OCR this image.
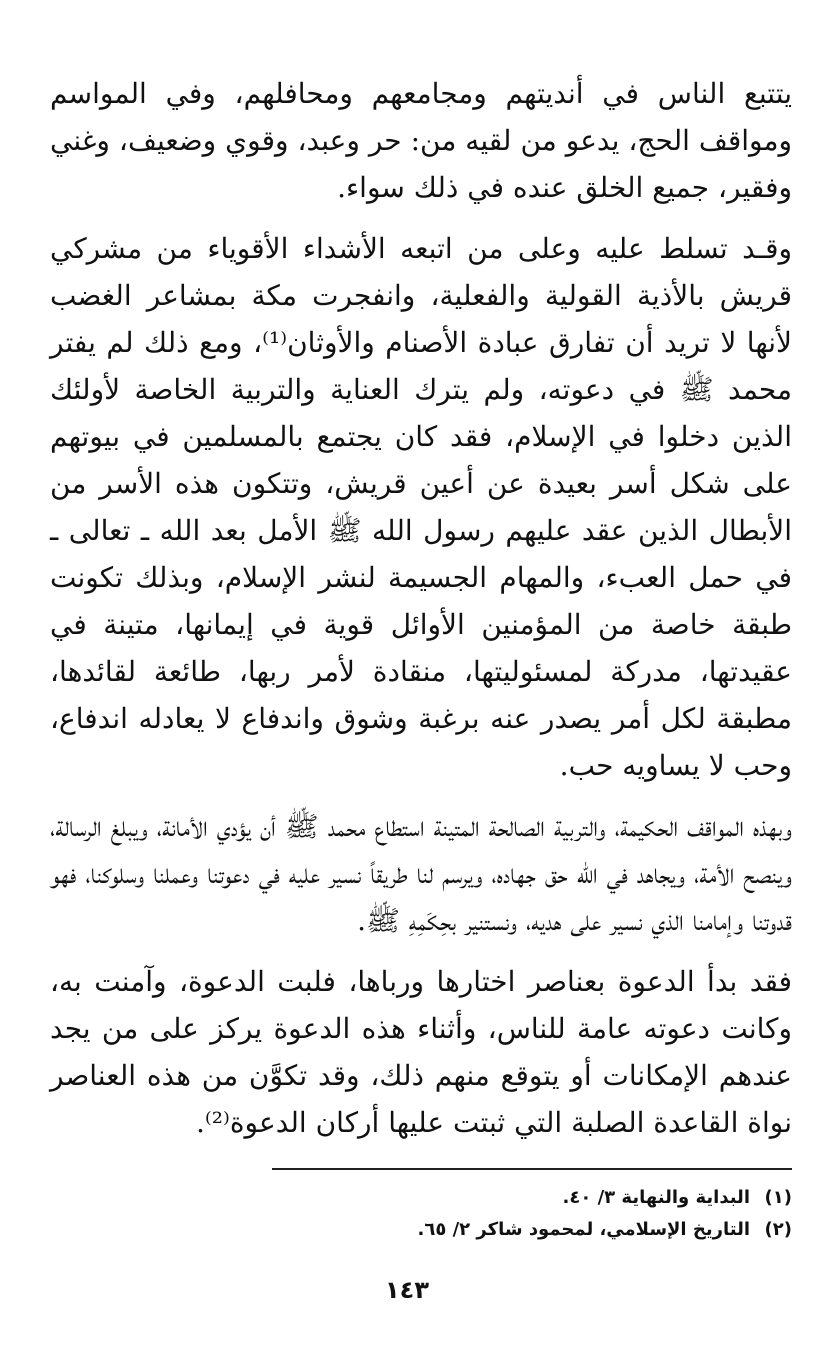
يتتبع الناس في أنديتهم ومجامعهم ومحافلهم، وفي المواسم ومواقف الحج، يدعو من لقيه من: حر وعبد، وقوي وضعيف، وغني وفقير، جميع الخلق عنده في ذلك سواء.

وقـد تسلط عليه وعلى من اتبعه الأشداء الأقوياء من مشركي قريش بالأذية القولية والفعلية، وانفجرت مكة بمشاعر الغضب لأنها لا تريد أن تفارق عبادة الأصنام والأوثان⁽¹⁾، ومع ذلك لم يفتر محمد ﷺ في دعوته، ولم يترك العناية والتربية الخاصة لأولئك الذين دخلوا في الإسلام، فقد كان يجتمع بالمسلمين في بيوتهم على شكل أسر بعيدة عن أعين قريش، وتتكون هذه الأسر من الأبطال الذين عقد عليهم رسول الله ﷺ الأمل بعد الله ـ تعالى ـ في حمل العبء، والمهام الجسيمة لنشر الإسلام، وبذلك تكونت طبقة خاصة من المؤمنين الأوائل قوية في إيمانها، متينة في عقيدتها، مدركة لمسئوليتها، منقادة لأمر ربها، طائعة لقائدها، مطبقة لكل أمر يصدر عنه برغبة وشوق واندفاع لا يعادله اندفاع، وحب لا يساويه حب.

وبهذه المواقف الحكيمة، والتربية الصالحة المتينة استطاع محمد ﷺ أن يؤدي الأمانة، ويبلغ الرسالة، وينصح الأمة، ويجاهد في الله حق جهاده، ويرسم لنا طريقاً نسير عليه في دعوتنا وعملنا وسلوكنا، فهو قدوتنا وإمامنا الذي نسير على هديه، ونستنير بحِكَمِهِ ﷺ.

فقد بدأ الدعوة بعناصر اختارها ورباها، فلبت الدعوة، وآمنت به، وكانت دعوته عامة للناس، وأثناء هذه الدعوة يركز على من يجد عندهم الإمكانات أو يتوقع منهم ذلك، وقد تكوَّن من هذه العناصر نواة القاعدة الصلبة التي ثبتت عليها أركان الدعوة⁽²⁾.

(١)
البداية والنهاية ٣/ ٤٠.
(٢)
التاريخ الإسلامي، لمحمود شاكر ٢/ ٦٥.
١٤٣
